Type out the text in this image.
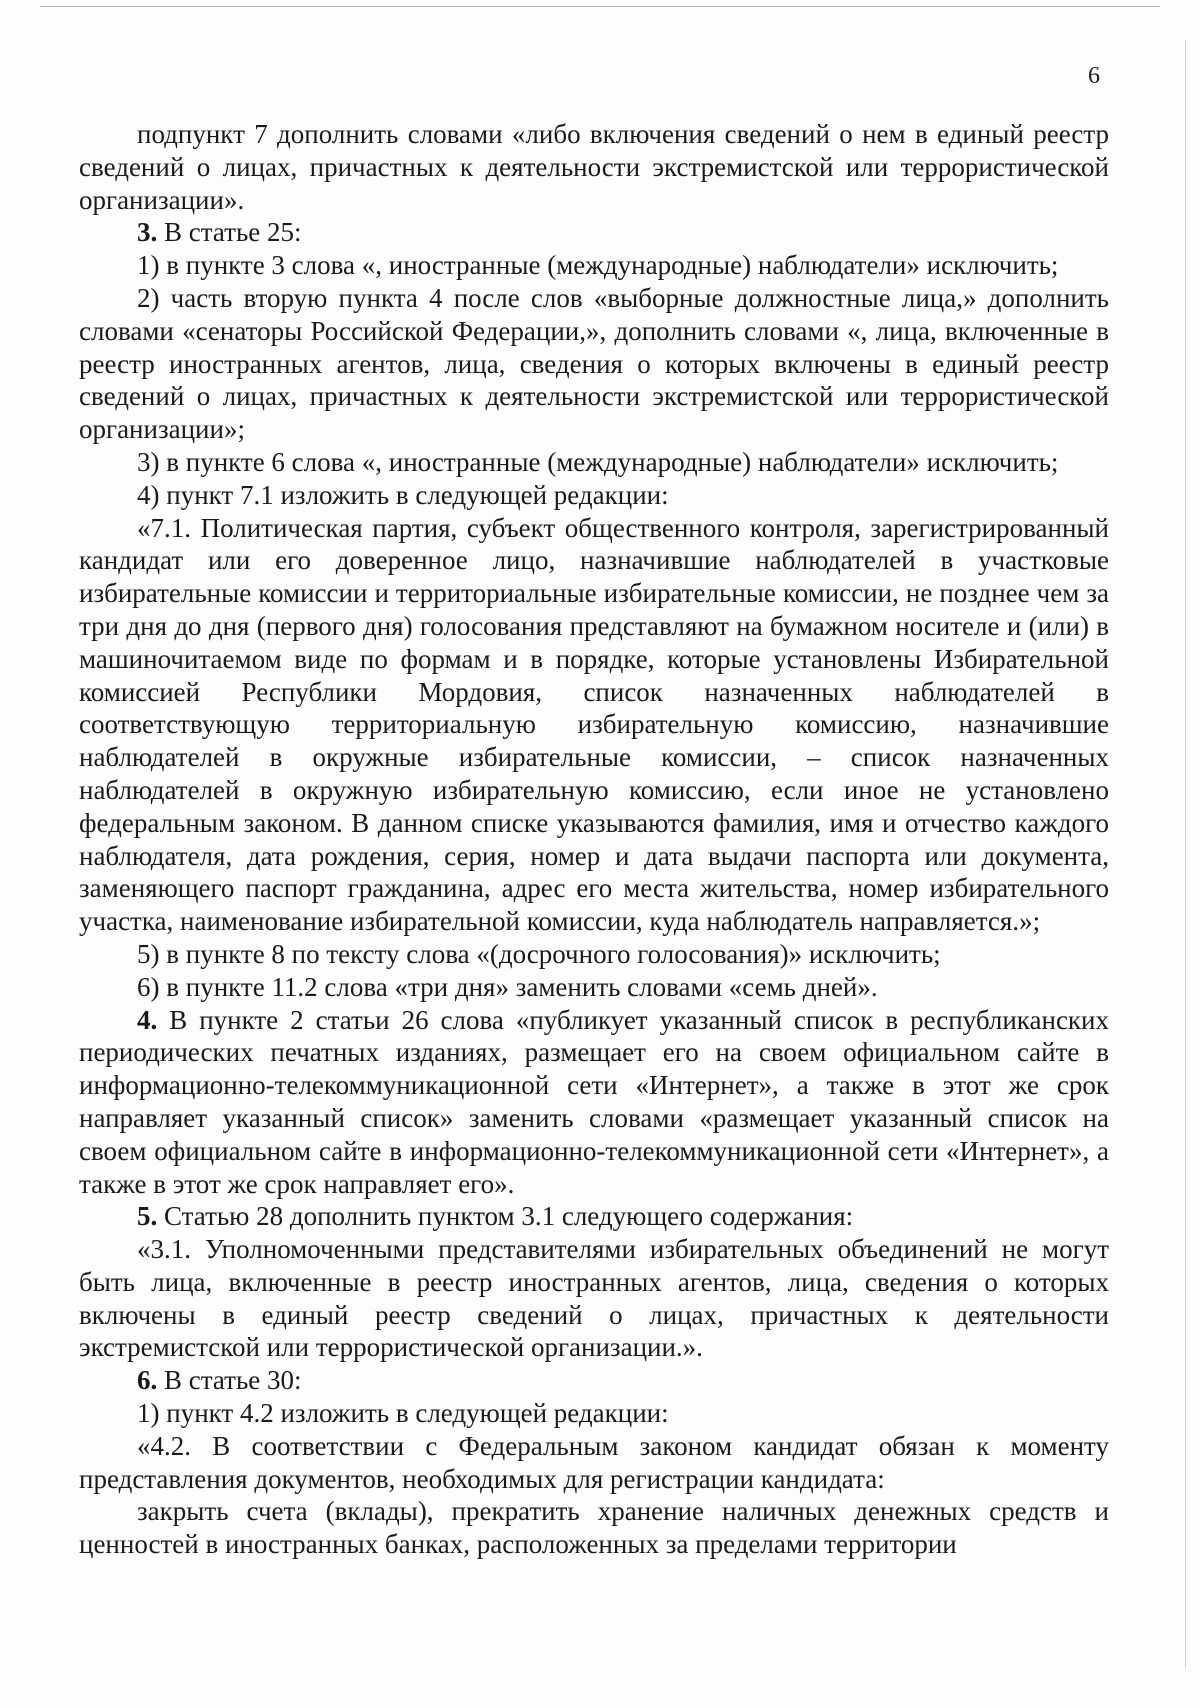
6

подпункт 7 дополнить словами «либо включения сведений о нем в единый реестр сведений о лицах, причастных к деятельности экстремистской или террористической организации».

3. В статье 25:

1) в пункте 3 слова «, иностранные (международные) наблюдатели» исключить;

2) часть вторую пункта 4 после слов «выборные должностные лица,» дополнить словами «сенаторы Российской Федерации,», дополнить словами «, лица, включенные в реестр иностранных агентов, лица, сведения о которых включены в единый реестр сведений о лицах, причастных к деятельности экстремистской или террористической организации»;

3) в пункте 6 слова «, иностранные (международные) наблюдатели» исключить;

4) пункт 7.1 изложить в следующей редакции:

«7.1. Политическая партия, субъект общественного контроля, зарегистрированный кандидат или его доверенное лицо, назначившие наблюдателей в участковые избирательные комиссии и территориальные избирательные комиссии, не позднее чем за три дня до дня (первого дня) голосования представляют на бумажном носителе и (или) в машиночитаемом виде по формам и в порядке, которые установлены Избирательной комиссией Республики Мордовия, список назначенных наблюдателей в соответствующую территориальную избирательную комиссию, назначившие наблюдателей в окружные избирательные комиссии, – список назначенных наблюдателей в окружную избирательную комиссию, если иное не установлено федеральным законом. В данном списке указываются фамилия, имя и отчество каждого наблюдателя, дата рождения, серия, номер и дата выдачи паспорта или документа, заменяющего паспорт гражданина, адрес его места жительства, номер избирательного участка, наименование избирательной комиссии, куда наблюдатель направляется.»;

5) в пункте 8 по тексту слова «(досрочного голосования)» исключить;

6) в пункте 11.2 слова «три дня» заменить словами «семь дней».

4. В пункте 2 статьи 26 слова «публикует указанный список в республиканских периодических печатных изданиях, размещает его на своем официальном сайте в информационно-телекоммуникационной сети «Интернет», а также в этот же срок направляет указанный список» заменить словами «размещает указанный список на своем официальном сайте в информационно-телекоммуникационной сети «Интернет», а также в этот же срок направляет его».

5. Статью 28 дополнить пунктом 3.1 следующего содержания:

«3.1. Уполномоченными представителями избирательных объединений не могут быть лица, включенные в реестр иностранных агентов, лица, сведения о которых включены в единый реестр сведений о лицах, причастных к деятельности экстремистской или террористической организации.».

6. В статье 30:

1) пункт 4.2 изложить в следующей редакции:

«4.2. В соответствии с Федеральным законом кандидат обязан к моменту представления документов, необходимых для регистрации кандидата:

закрыть счета (вклады), прекратить хранение наличных денежных средств и ценностей в иностранных банках, расположенных за пределами территории
